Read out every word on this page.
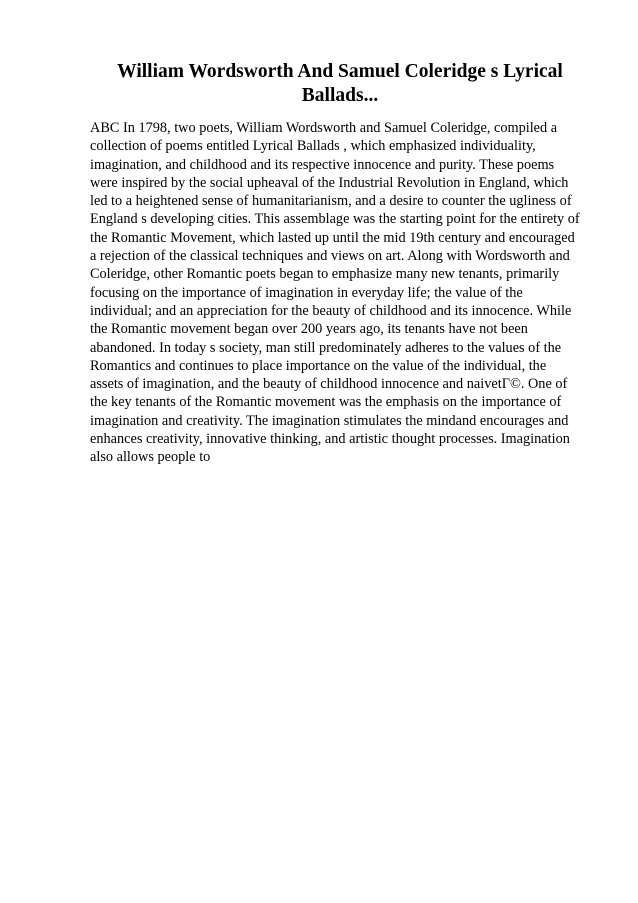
William Wordsworth And Samuel Coleridge s Lyrical
Ballads...
ABC In 1798, two poets, William Wordsworth and Samuel Coleridge, compiled a
collection of poems entitled Lyrical Ballads , which emphasized individuality,
imagination, and childhood and its respective innocence and purity. These poems
were inspired by the social upheaval of the Industrial Revolution in England, which
led to a heightened sense of humanitarianism, and a desire to counter the ugliness of
England s developing cities. This assemblage was the starting point for the entirety of
the Romantic Movement, which lasted up until the mid 19th century and encouraged
a rejection of the classical techniques and views on art. Along with Wordsworth and
Coleridge, other Romantic poets began to emphasize many new tenants, primarily
focusing on the importance of imagination in everyday life; the value of the
individual; and an appreciation for the beauty of childhood and its innocence. While
the Romantic movement began over 200 years ago, its tenants have not been
abandoned. In today s society, man still predominately adheres to the values of the
Romantics and continues to place importance on the value of the individual, the
assets of imagination, and the beauty of childhood innocence and naivetГ©. One of
the key tenants of the Romantic movement was the emphasis on the importance of
imagination and creativity. The imagination stimulates the mindand encourages and
enhances creativity, innovative thinking, and artistic thought processes. Imagination
also allows people to
